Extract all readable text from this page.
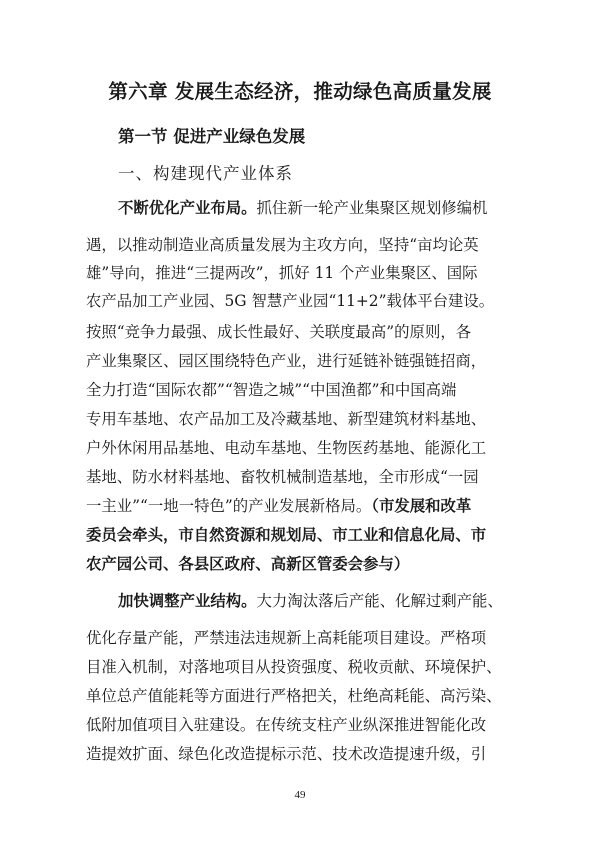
第六章 发展生态经济，推动绿色高质量发展
第一节 促进产业绿色发展
一、构建现代产业体系
不断优化产业布局。抓住新一轮产业集聚区规划修编机
遇，以推动制造业高质量发展为主攻方向，坚持“亩均论英
雄”导向，推进“三提两改”，抓好 11 个产业集聚区、国际
农产品加工产业园、5G 智慧产业园“11+2”载体平台建设。
按照“竞争力最强、成长性最好、关联度最高”的原则，各
产业集聚区、园区围绕特色产业，进行延链补链强链招商，
全力打造“国际农都”“智造之城”“中国渔都”和中国高端
专用车基地、农产品加工及冷藏基地、新型建筑材料基地、
户外休闲用品基地、电动车基地、生物医药基地、能源化工
基地、防水材料基地、畜牧机械制造基地，全市形成“一园
一主业”“一地一特色”的产业发展新格局。（市发展和改革
委员会牵头，市自然资源和规划局、市工业和信息化局、市
农产园公司、各县区政府、高新区管委会参与）
加快调整产业结构。大力淘汰落后产能、化解过剩产能、
优化存量产能，严禁违法违规新上高耗能项目建设。严格项
目准入机制，对落地项目从投资强度、税收贡献、环境保护、
单位总产值能耗等方面进行严格把关，杜绝高耗能、高污染、
低附加值项目入驻建设。在传统支柱产业纵深推进智能化改
造提效扩面、绿色化改造提标示范、技术改造提速升级，引
49
